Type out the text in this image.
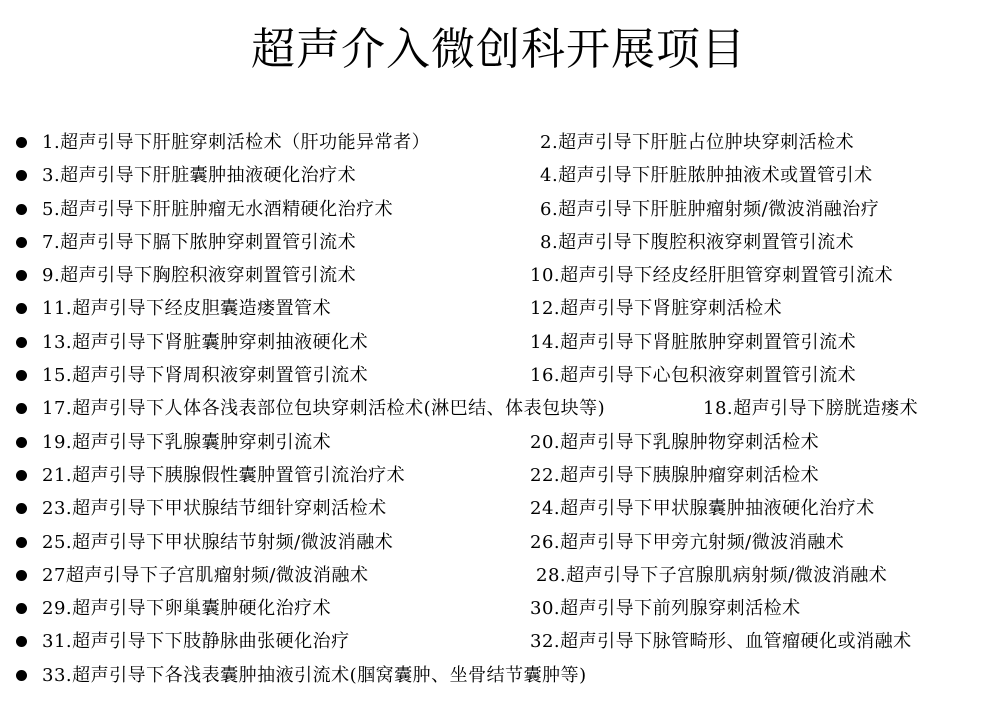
超声介入微创科开展项目
1.超声引导下肝脏穿刺活检术（肝功能异常者）	2.超声引导下肝脏占位肿块穿刺活检术
3.超声引导下肝脏囊肿抽液硬化治疗术	4.超声引导下肝脏脓肿抽液术或置管引术
5.超声引导下肝脏肿瘤无水酒精硬化治疗术	6.超声引导下肝脏肿瘤射频/微波消融治疗
7.超声引导下膈下脓肿穿刺置管引流术	8.超声引导下腹腔积液穿刺置管引流术
9.超声引导下胸腔积液穿刺置管引流术	10.超声引导下经皮经肝胆管穿刺置管引流术
11.超声引导下经皮胆囊造瘘置管术	12.超声引导下肾脏穿刺活检术
13.超声引导下肾脏囊肿穿刺抽液硬化术	14.超声引导下肾脏脓肿穿刺置管引流术
15.超声引导下肾周积液穿刺置管引流术	16.超声引导下心包积液穿刺置管引流术
17.超声引导下人体各浅表部位包块穿刺活检术(淋巴结、体表包块等)	18.超声引导下膀胱造瘘术
19.超声引导下乳腺囊肿穿刺引流术	20.超声引导下乳腺肿物穿刺活检术
21.超声引导下胰腺假性囊肿置管引流治疗术	22.超声引导下胰腺肿瘤穿刺活检术
23.超声引导下甲状腺结节细针穿刺活检术	24.超声引导下甲状腺囊肿抽液硬化治疗术
25.超声引导下甲状腺结节射频/微波消融术	26.超声引导下甲旁亢射频/微波消融术
27超声引导下子宫肌瘤射频/微波消融术	28.超声引导下子宫腺肌病射频/微波消融术
29.超声引导下卵巢囊肿硬化治疗术	30.超声引导下前列腺穿刺活检术
31.超声引导下下肢静脉曲张硬化治疗	32.超声引导下脉管畸形、血管瘤硬化或消融术
33.超声引导下各浅表囊肿抽液引流术(腘窝囊肿、坐骨结节囊肿等)
